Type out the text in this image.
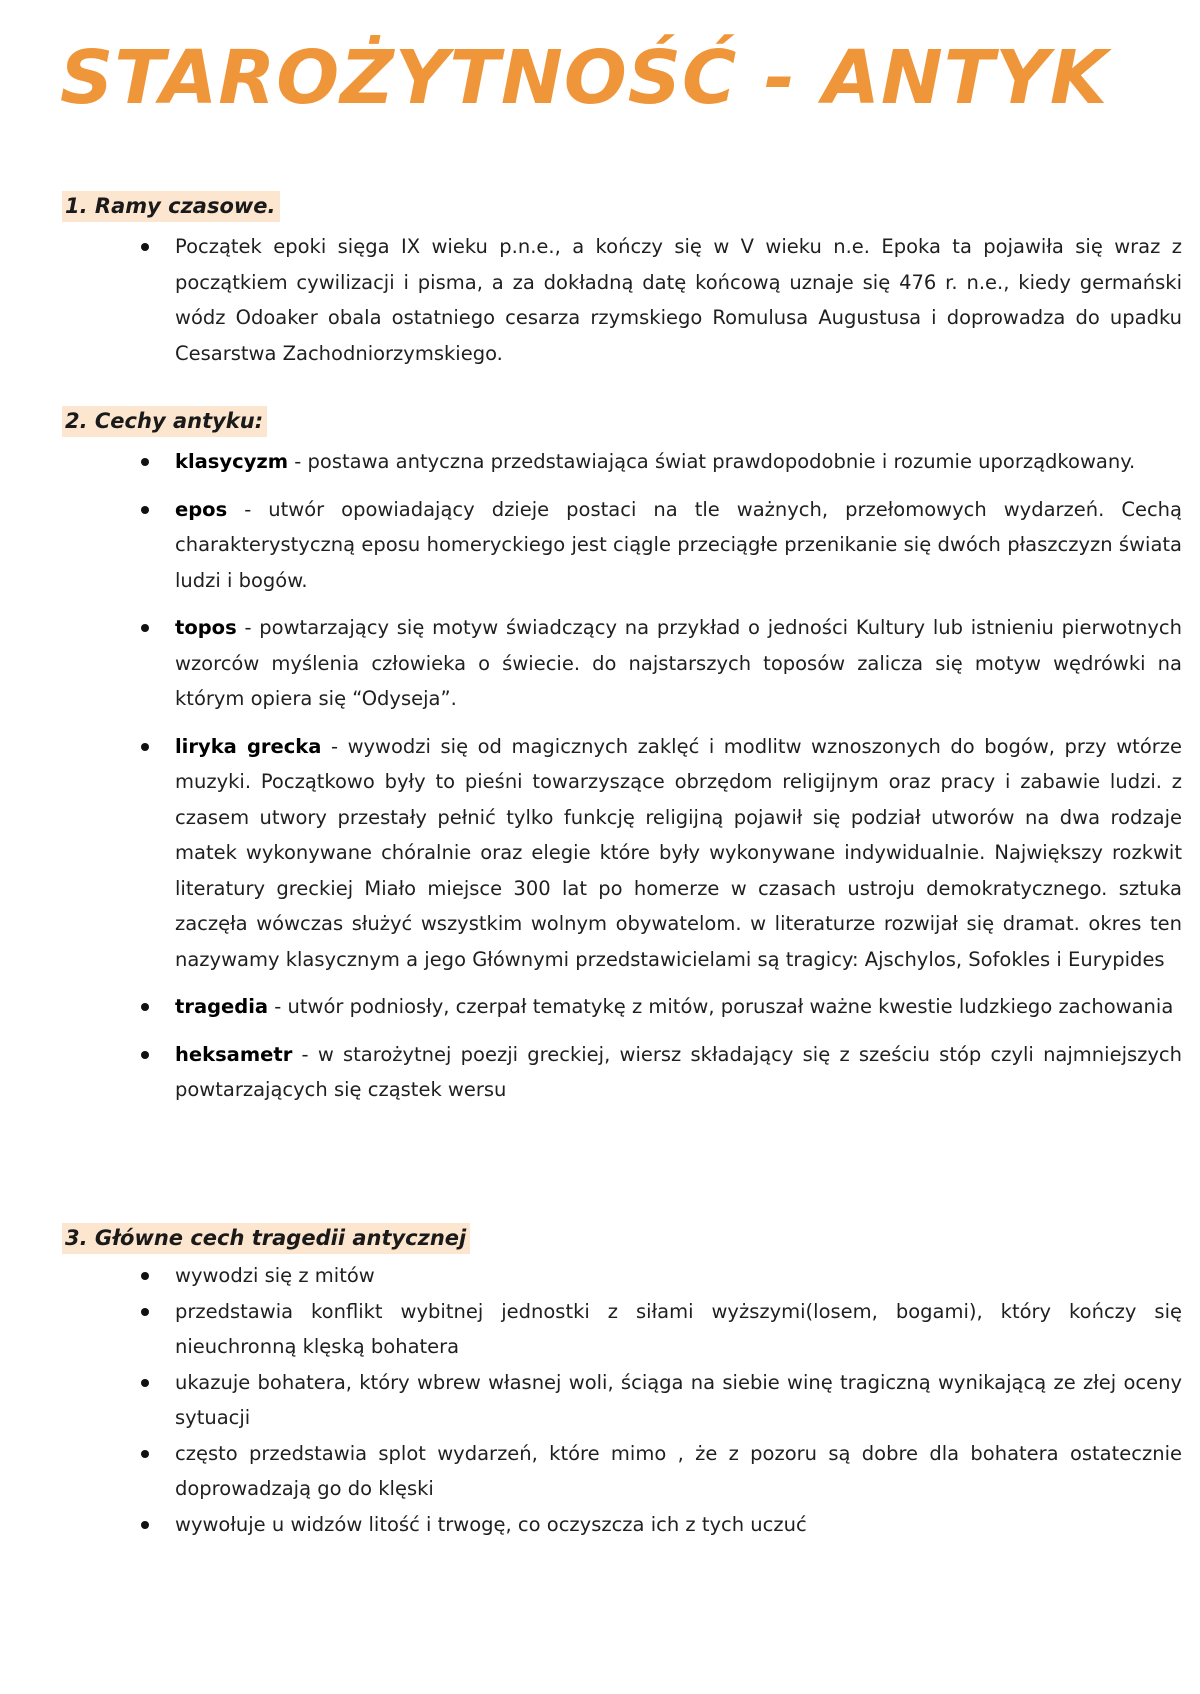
STAROŻYTNOŚĆ - ANTYK
1. Ramy czasowe.
Początek epoki sięga IX wieku p.n.e., a kończy się w V wieku n.e. Epoka ta pojawiła się wraz z początkiem cywilizacji i pisma, a za dokładną datę końcową uznaje się 476 r. n.e., kiedy germański wódz Odoaker obala ostatniego cesarza rzymskiego Romulusa Augustusa i doprowadza do upadku Cesarstwa Zachodniorzymskiego.
2. Cechy antyku:
klasycyzm - postawa antyczna przedstawiająca świat prawdopodobnie i rozumie uporządkowany.
epos - utwór opowiadający dzieje postaci na tle ważnych, przełomowych wydarzeń. Cechą charakterystyczną eposu homeryckiego jest ciągle przeciągłe przenikanie się dwóch płaszczyzn świata ludzi i bogów.
topos - powtarzający się motyw świadczący na przykład o jedności Kultury lub istnieniu pierwotnych wzorców myślenia człowieka o świecie. do najstarszych toposów zalicza się motyw wędrówki na którym opiera się “Odyseja”.
liryka grecka - wywodzi się od magicznych zaklęć i modlitw wznoszonych do bogów, przy wtórze muzyki. Początkowo były to pieśni towarzyszące obrzędom religijnym oraz pracy i zabawie ludzi. z czasem utwory przestały pełnić tylko funkcję religijną pojawił się podział utworów na dwa rodzaje matek wykonywane chóralnie oraz elegie które były wykonywane indywidualnie. Największy rozkwit literatury greckiej Miało miejsce 300 lat po homerze w czasach ustroju demokratycznego. sztuka zaczęła wówczas służyć wszystkim wolnym obywatelom. w literaturze rozwijał się dramat. okres ten nazywamy klasycznym a jego Głównymi przedstawicielami są tragicy: Ajschylos, Sofokles i Eurypides
tragedia - utwór podniosły, czerpał tematykę z mitów, poruszał ważne kwestie ludzkiego zachowania
heksametr - w starożytnej poezji greckiej, wiersz składający się z sześciu stóp czyli najmniejszych powtarzających się cząstek wersu
3. Główne cech tragedii antycznej
wywodzi się z mitów
przedstawia konflikt wybitnej jednostki z siłami wyższymi(losem, bogami), który kończy się nieuchronną klęską bohatera
ukazuje bohatera, który wbrew własnej woli, ściąga na siebie winę tragiczną wynikającą ze złej oceny sytuacji
często przedstawia splot wydarzeń, które mimo , że z pozoru są dobre dla bohatera ostatecznie doprowadzają go do klęski
wywołuje u widzów litość i trwogę, co oczyszcza ich z tych uczuć
